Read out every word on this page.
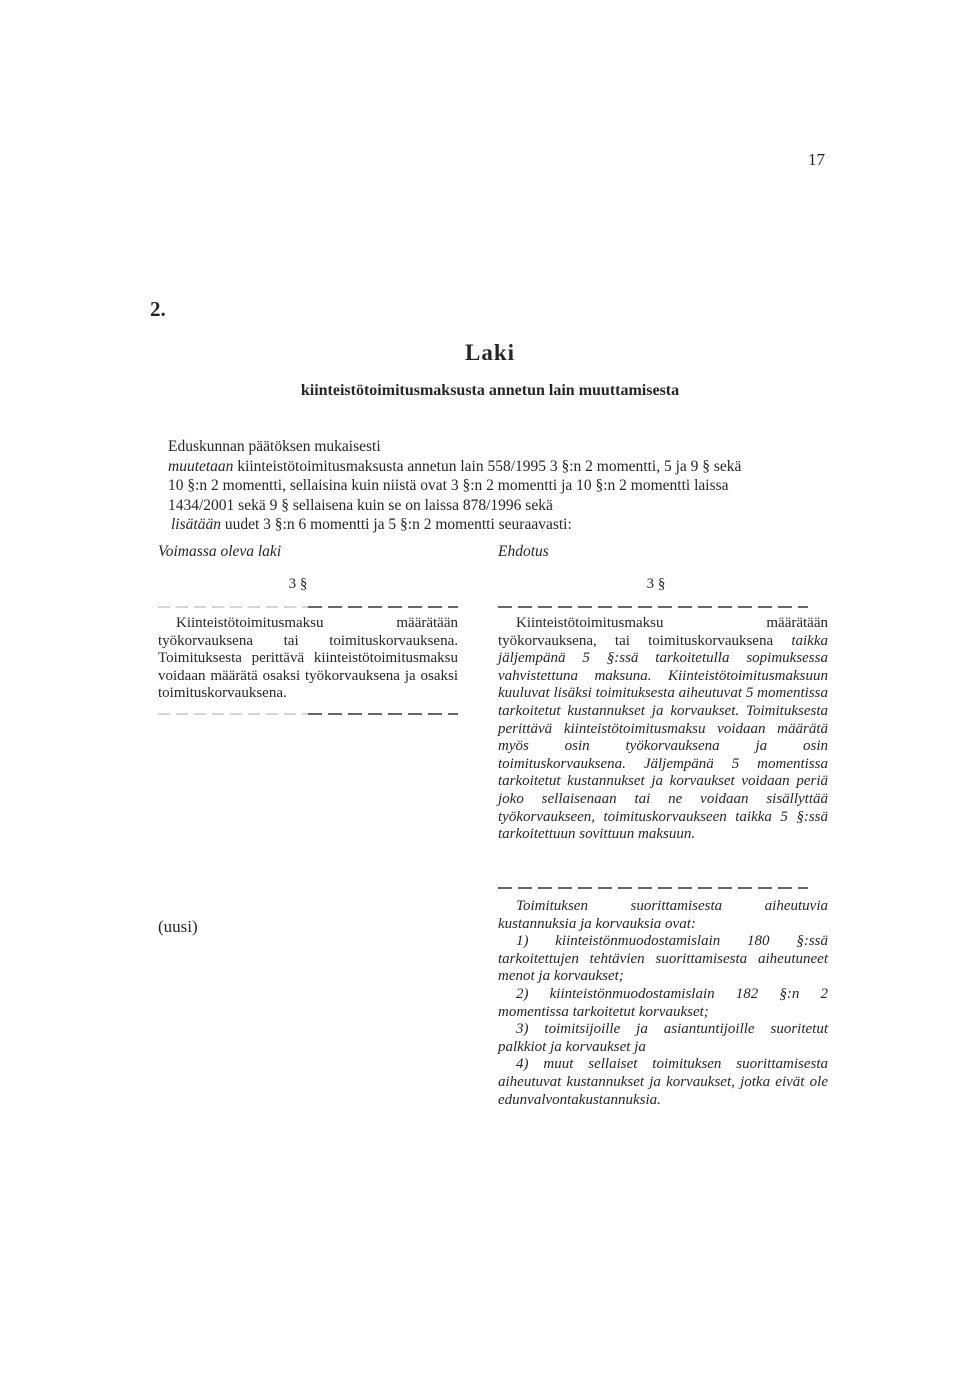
17
2.
Laki
kiinteistötoimitusmaksusta annetun lain muuttamisesta
Eduskunnan päätöksen mukaisesti
muutetaan kiinteistötoimitusmaksusta annetun lain 558/1995 3 §:n 2 momentti, 5 ja 9 § sekä
10 §:n 2 momentti, sellaisina kuin niistä ovat 3 §:n 2 momentti ja 10 §:n 2 momentti laissa
1434/2001 sekä 9 § sellaisena kuin se on laissa 878/1996 sekä
lisätään uudet 3 §:n 6 momentti ja 5 §:n 2 momentti seuraavasti:
Voimassa oleva laki	Ehdotus
3 §	3 §

Kiinteistötoimitusmaksu määrätään työkorvauksena tai toimituskorvauksena. Toimituksesta perittävä kiinteistötoimitusmaksu voidaan määrätä osaksi työkorvauksena ja osaksi toimituskorvauksena.

Kiinteistötoimitusmaksu määrätään työkorvauksena, tai toimituskorvauksena taikka jäljempänä 5 §:ssä tarkoitetulla sopimuksessa vahvistettuna maksuna. Kiinteistötoimitusmaksuun kuuluvat lisäksi toimituksesta aiheutuvat 5 momentissa tarkoitetut kustannukset ja korvaukset. Toimituksesta perittävä kiinteistötoimitusmaksu voidaan määrätä myös osin työkorvauksena ja osin toimituskorvauksena. Jäljempänä 5 momentissa tarkoitetut kustannukset ja korvaukset voidaan periä joko sellaisenaan tai ne voidaan sisällyttää työkorvaukseen, toimituskorvaukseen taikka 5 §:ssä tarkoitettuun sovittuun maksuun.

(uusi)

Toimituksen suorittamisesta aiheutuvia kustannuksia ja korvauksia ovat:

1) kiinteistönmuodostamislain 180 §:ssä tarkoitettujen tehtävien suorittamisesta aiheutuneet menot ja korvaukset;

2) kiinteistönmuodostamislain 182 §:n 2 momentissa tarkoitetut korvaukset;

3) toimitsijoille ja asiantuntijoille suoritetut palkkiot ja korvaukset ja

4) muut sellaiset toimituksen suorittamisesta aiheutuvat kustannukset ja korvaukset, jotka eivät ole edunvalvontakustannuksia.
